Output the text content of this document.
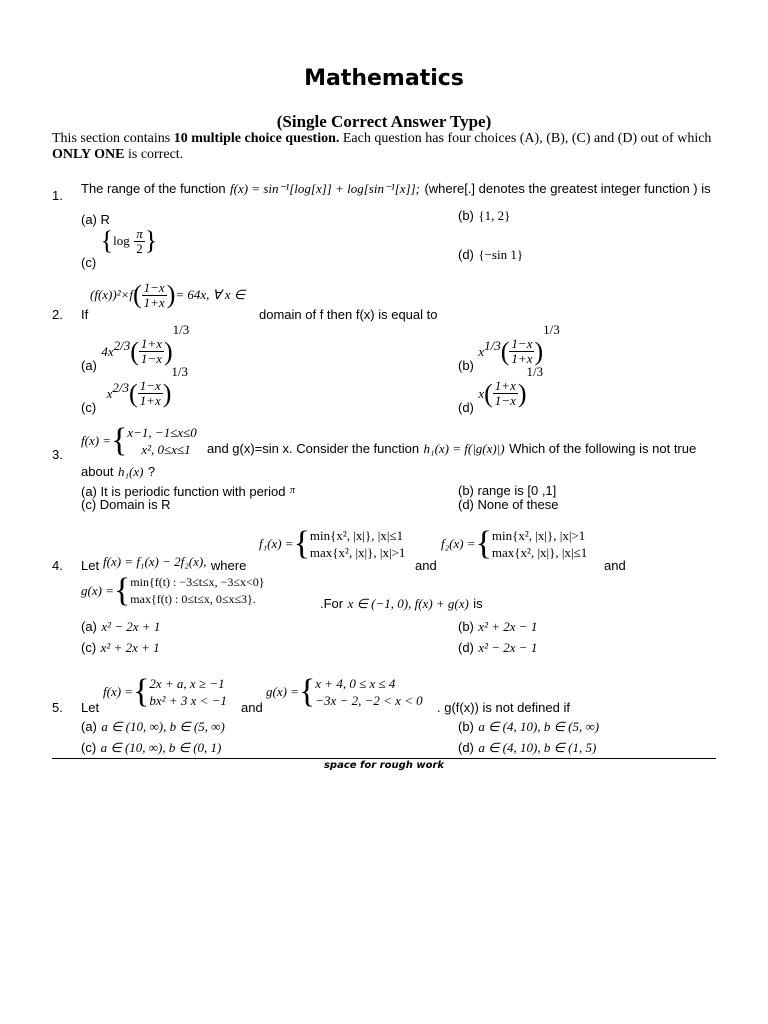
Mathematics
(Single Correct Answer Type)
This section contains 10 multiple choice question. Each question has four choices (A), (B), (C) and (D) out of which ONLY ONE is correct.
1. The range of the function f(x) = sin⁻¹[log[x]] + log[sin⁻¹[x]]; (where[.] denotes the greatest integer function ) is
(a) R	(b) {1, 2}
$_{(c)}$ {$\log \frac{\pi}{2}$ }	(d) {−sin 1}
$(f(x))^2\times f( \frac{1-x}{1+x}$ )= 64x, ∀ x ∈
2. If	domain of f then f(x) is equal to
$_{(a)}$ $4x^{2/3}( \frac{1+x}{1-x} )^{1/3}$
$_{(b)}$ $x^{1/3}( \frac{1-x}{1+x} )^{1/3}$
$_{(c)}$ $x^{2/3}( \frac{1-x}{1+x} )^{1/3}$
$_{(d)}$ $x( \frac{1+x}{1-x} )^{1/3}$
f(x) ={ x−1, −1≤x≤0
x², 0≤x≤1
3.	and g(x)=sin x. Consider the function h₁(x) = f(|g(x)|) Which of the following is not true
about h₁(x) ?
(a) It is periodic function with period π	(b) range is [0 ,1]
(c) Domain is R	(d) None of these
4. Let f(x) = f₁(x) − 2f₂(x), $_{where}$
f₁(x) ={ min{x², |x|}, |x|≤1
max{x², |x|}, |x|>1
and
f₂(x) ={ min{x², |x|}, |x|>1
max{x², |x|}, |x|≤1
and
g(x) ={ min{f(t) : −3≤t≤x, −3≤x<0}
max{f(t) : 0≤t≤x, 0≤x≤3}.	.For x ∈ (−1, 0), f(x) + g(x) is
(a) x² − 2x + 1	(b) x² + 2x − 1
(c) x² + 2x + 1	(d) x² − 2x − 1
5. Let
f(x) ={ 2x + a, x ≥ −1
bx² + 3 x < −1 and
g(x) ={ x + 4, 0 ≤ x ≤ 4
−3x − 2, −2 < x < 0 . g(f(x)) is not defined if
(a) a ∈ (10, ∞), b ∈ (5, ∞)	(b) a ∈ (4, 10), b ∈ (5, ∞)
(c) a ∈ (10, ∞), b ∈ (0, 1)	(d) a ∈ (4, 10), b ∈ (1, 5)
space for rough work
